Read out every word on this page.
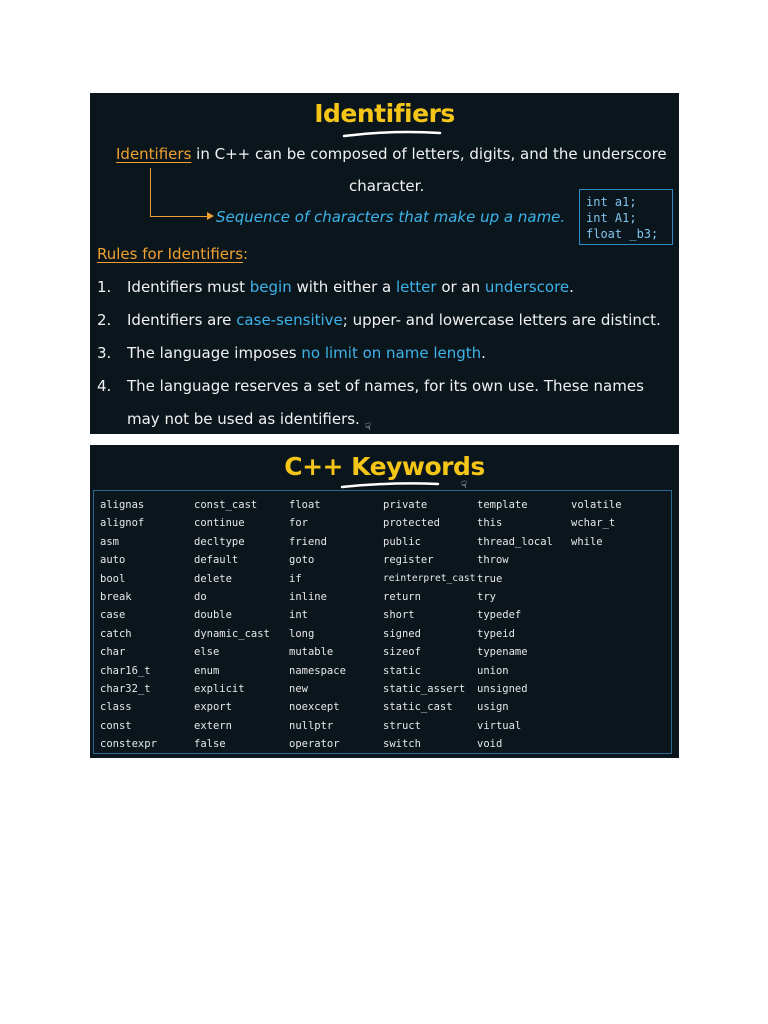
Identifiers
Identifiers in C++ can be composed of letters, digits, and the underscore
character.
Sequence of characters that make up a name.
int a1;
int A1;
float _b3;
Rules for Identifiers:
1. Identifiers must begin with either a letter or an underscore.
2. Identifiers are case-sensitive; upper- and lowercase letters are distinct.
3. The language imposes no limit on name length.
4. The language reserves a set of names, for its own use. These names
may not be used as identifiers. ☟
C++ Keywords
☟
alignas
alignof
asm
auto
bool
break
case
catch
char
char16_t
char32_t
class
const
constexpr
const_cast
continue
decltype
default
delete
do
double
dynamic_cast
else
enum
explicit
export
extern
false
float
for
friend
goto
if
inline
int
long
mutable
namespace
new
noexcept
nullptr
operator
private
protected
public
register
reinterpret_cast
return
short
signed
sizeof
static
static_assert
static_cast
struct
switch
template
this
thread_local
throw
true
try
typedef
typeid
typename
union
unsigned
usign
virtual
void
volatile
wchar_t
while
